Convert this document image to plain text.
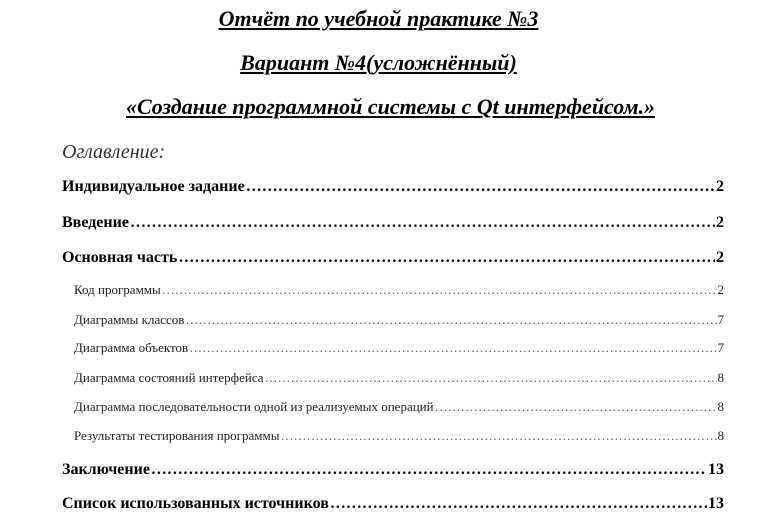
Отчёт по учебной практике №3
Вариант №4(усложнённый)
«Создание программной системы с Qt интерфейсом.»
Оглавление:
Индивидуальное задание ……………………………………………………………………………………………………………………………………………………………………………	2
Введение ……………………………………………………………………………………………………………………………………………………………………………	2
Основная часть ……………………………………………………………………………………………………………………………………………………………………………	2
Код программы ……………………………………………………………………………………………………………………………………………………………………………	2
Диаграммы классов ……………………………………………………………………………………………………………………………………………………………………………	7
Диаграмма объектов ……………………………………………………………………………………………………………………………………………………………………………	7
Диаграмма состояний интерфейса ……………………………………………………………………………………………………………………………………………………………………………	8
Диаграмма последовательности одной из реализуемых операций ……………………………………………………………………………………………………………………………………………………………………………	8
Результаты тестирования программы ……………………………………………………………………………………………………………………………………………………………………………	8
Заключение ……………………………………………………………………………………………………………………………………………………………………………	13
Список использованных источников ……………………………………………………………………………………………………………………………………………………………………………	13
